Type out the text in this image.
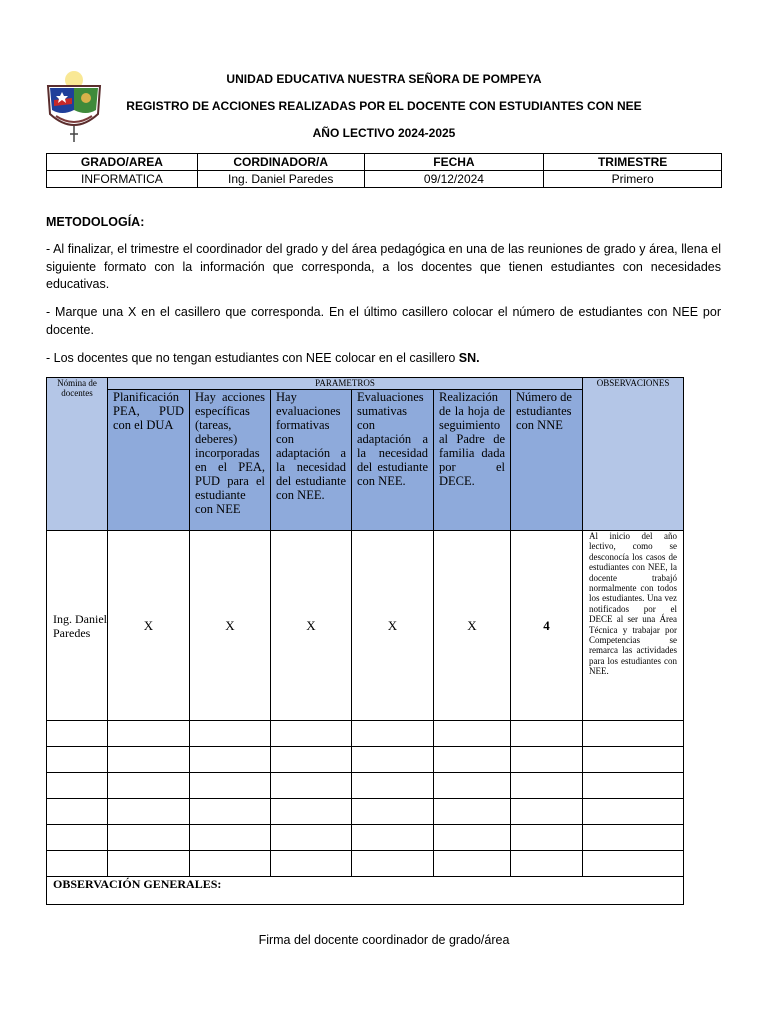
UNIDAD EDUCATIVA NUESTRA SEÑORA DE POMPEYA
REGISTRO DE ACCIONES REALIZADAS POR EL DOCENTE CON ESTUDIANTES CON NEE
AÑO LECTIVO 2024-2025
GRADO/AREA	CORDINADOR/A	FECHA	TRIMESTRE
INFORMATICA	Ing. Daniel Paredes	09/12/2024	Primero
METODOLOGÍA:
- Al finalizar, el trimestre el coordinador del grado y del área pedagógica en una de las reuniones de grado y área, llena el siguiente formato con la información que corresponda, a los docentes que tienen estudiantes con necesidades educativas.
- Marque una X en el casillero que corresponda. En el último casillero colocar el número de estudiantes con NEE por docente.
- Los docentes que no tengan estudiantes con NEE colocar en el casillero SN.
Nómina de docentes	PARAMETROS						OBSERVACIONES
	Planificación PEA, PUD con el DUA	Hay acciones específicas (tareas, deberes) incorporadas en el PEA, PUD para el estudiante con NEE	Hay evaluaciones formativas con adaptación a la necesidad del estudiante con NEE.	Evaluaciones sumativas con adaptación a la necesidad del estudiante con NEE.	Realización de la hoja de seguimiento al Padre de familia dada por el DECE.	Número de estudiantes con NNE	
Ing. Daniel Paredes	X	X	X	X	X	4	Al inicio del año lectivo, como se desconocía los casos de estudiantes con NEE, la docente trabajó normalmente con todos los estudiantes. Una vez notificados por el DECE al ser una Área Técnica y trabajar por Competencias se remarca las actividades para los estudiantes con NEE.

OBSERVACIÓN GENERALES:							
Firma del docente coordinador de grado/área
